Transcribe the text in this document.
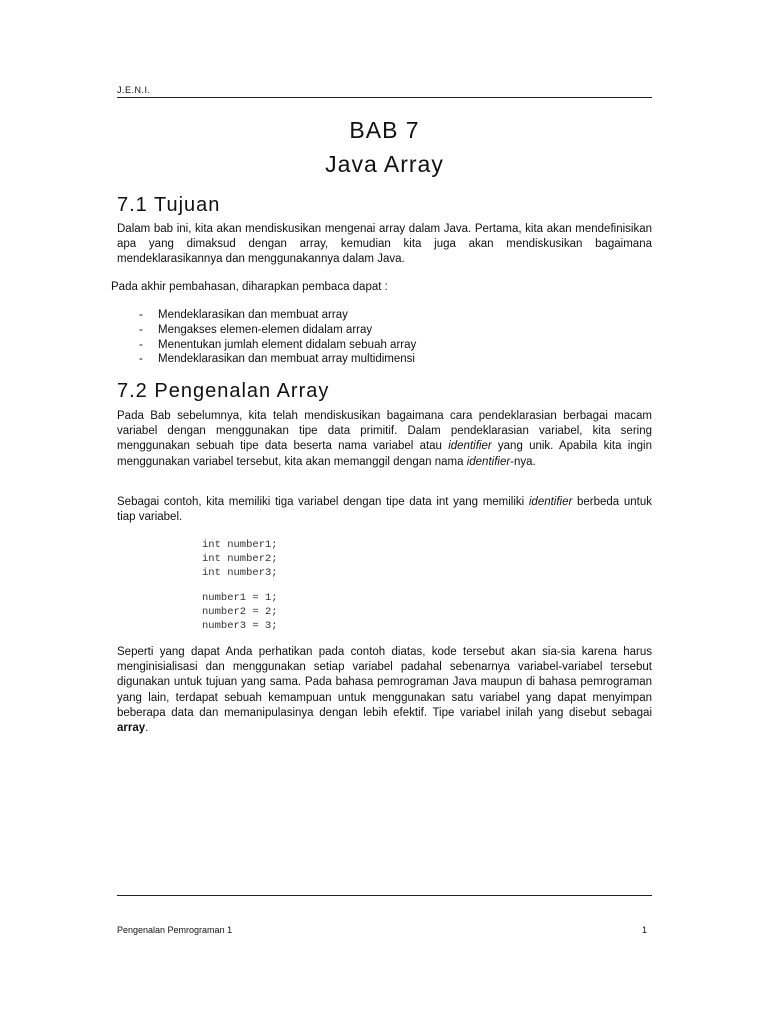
J.E.N.I.
BAB 7
Java Array
7.1 Tujuan

Dalam bab ini, kita akan mendiskusikan mengenai array dalam Java. Pertama, kita akan mendefinisikan apa yang dimaksud dengan array, kemudian kita juga akan mendiskusikan bagaimana mendeklarasikannya dan menggunakannya dalam Java.

Pada akhir pembahasan, diharapkan pembaca dapat :

- Mendeklarasikan dan membuat array
- Mengakses elemen-elemen didalam array
- Menentukan jumlah element didalam sebuah array
- Mendeklarasikan dan membuat array multidimensi
7.2 Pengenalan Array

Pada Bab sebelumnya, kita telah mendiskusikan bagaimana cara pendeklarasian berbagai macam variabel dengan menggunakan tipe data primitif. Dalam pendeklarasian variabel, kita sering menggunakan sebuah tipe data beserta nama variabel atau identifier yang unik. Apabila kita ingin menggunakan variabel tersebut, kita akan memanggil dengan nama identifier-nya.

Sebagai contoh, kita memiliki tiga variabel dengan tipe data int yang memiliki identifier berbeda untuk tiap variabel.

int number1;
int number2;
int number3;
number1 = 1;
number2 = 2;
number3 = 3;

Seperti yang dapat Anda perhatikan pada contoh diatas, kode tersebut akan sia-sia karena harus menginisialisasi dan menggunakan setiap variabel padahal sebenarnya variabel-variabel tersebut digunakan untuk tujuan yang sama. Pada bahasa pemrograman Java maupun di bahasa pemrograman yang lain, terdapat sebuah kemampuan untuk menggunakan satu variabel yang dapat menyimpan beberapa data dan memanipulasinya dengan lebih efektif. Tipe variabel inilah yang disebut sebagai array.

Pengenalan Pemrograman 1	1
